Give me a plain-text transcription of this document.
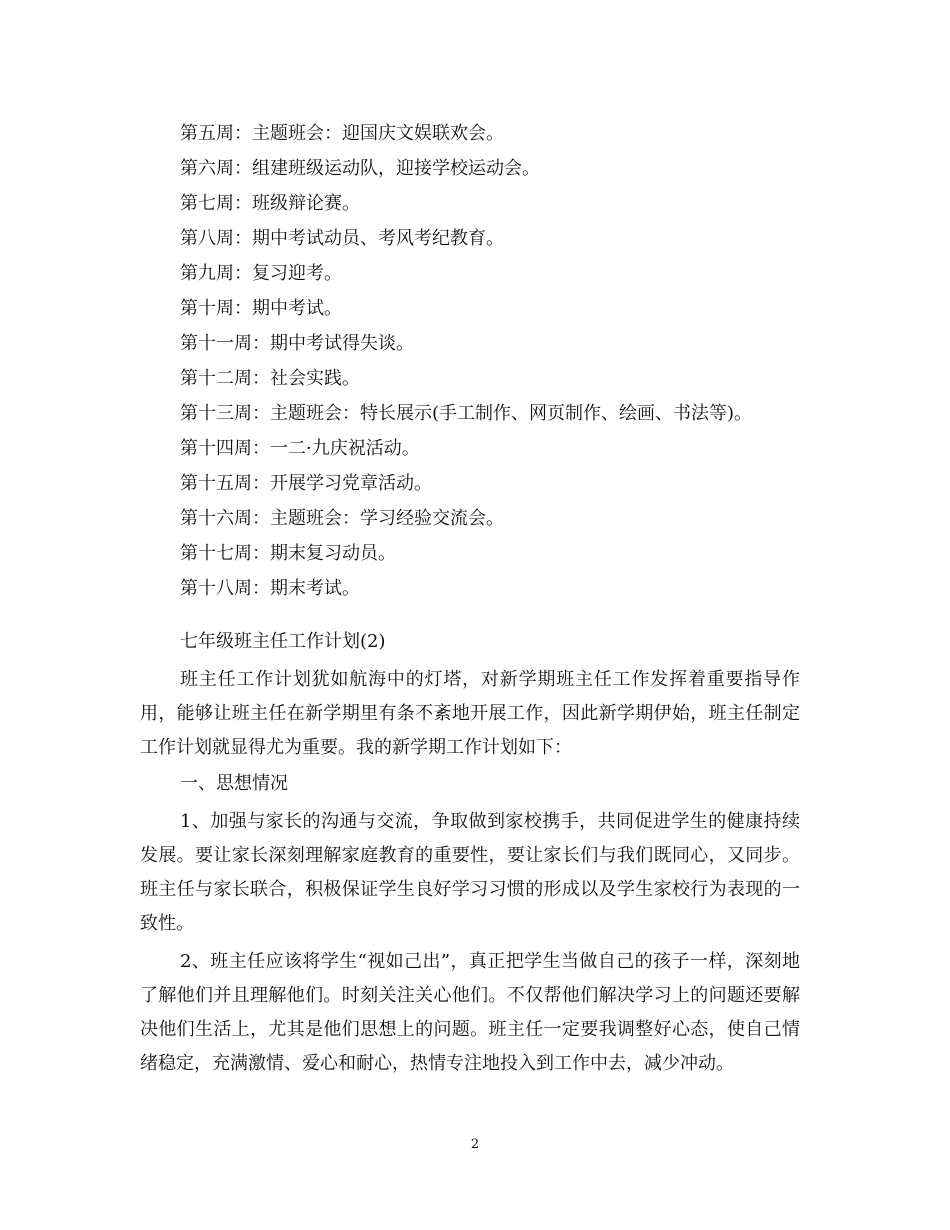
第五周：主题班会：迎国庆文娱联欢会。
第六周：组建班级运动队，迎接学校运动会。
第七周：班级辩论赛。
第八周：期中考试动员、考风考纪教育。
第九周：复习迎考。
第十周：期中考试。
第十一周：期中考试得失谈。
第十二周：社会实践。
第十三周：主题班会：特长展示(手工制作、网页制作、绘画、书法等)。
第十四周：一二·九庆祝活动。
第十五周：开展学习党章活动。
第十六周：主题班会：学习经验交流会。
第十七周：期末复习动员。
第十八周：期末考试。
七年级班主任工作计划(2)

班主任工作计划犹如航海中的灯塔，对新学期班主任工作发挥着重要指导作用，能够让班主任在新学期里有条不紊地开展工作，因此新学期伊始，班主任制定工作计划就显得尤为重要。我的新学期工作计划如下：

一、思想情况

1、加强与家长的沟通与交流，争取做到家校携手，共同促进学生的健康持续发展。要让家长深刻理解家庭教育的重要性，要让家长们与我们既同心，又同步。班主任与家长联合，积极保证学生良好学习习惯的形成以及学生家校行为表现的一致性。

2、班主任应该将学生“视如己出”，真正把学生当做自己的孩子一样，深刻地了解他们并且理解他们。时刻关注关心他们。不仅帮他们解决学习上的问题还要解决他们生活上，尤其是他们思想上的问题。班主任一定要我调整好心态，使自己情绪稳定，充满激情、爱心和耐心，热情专注地投入到工作中去，减少冲动。

2
